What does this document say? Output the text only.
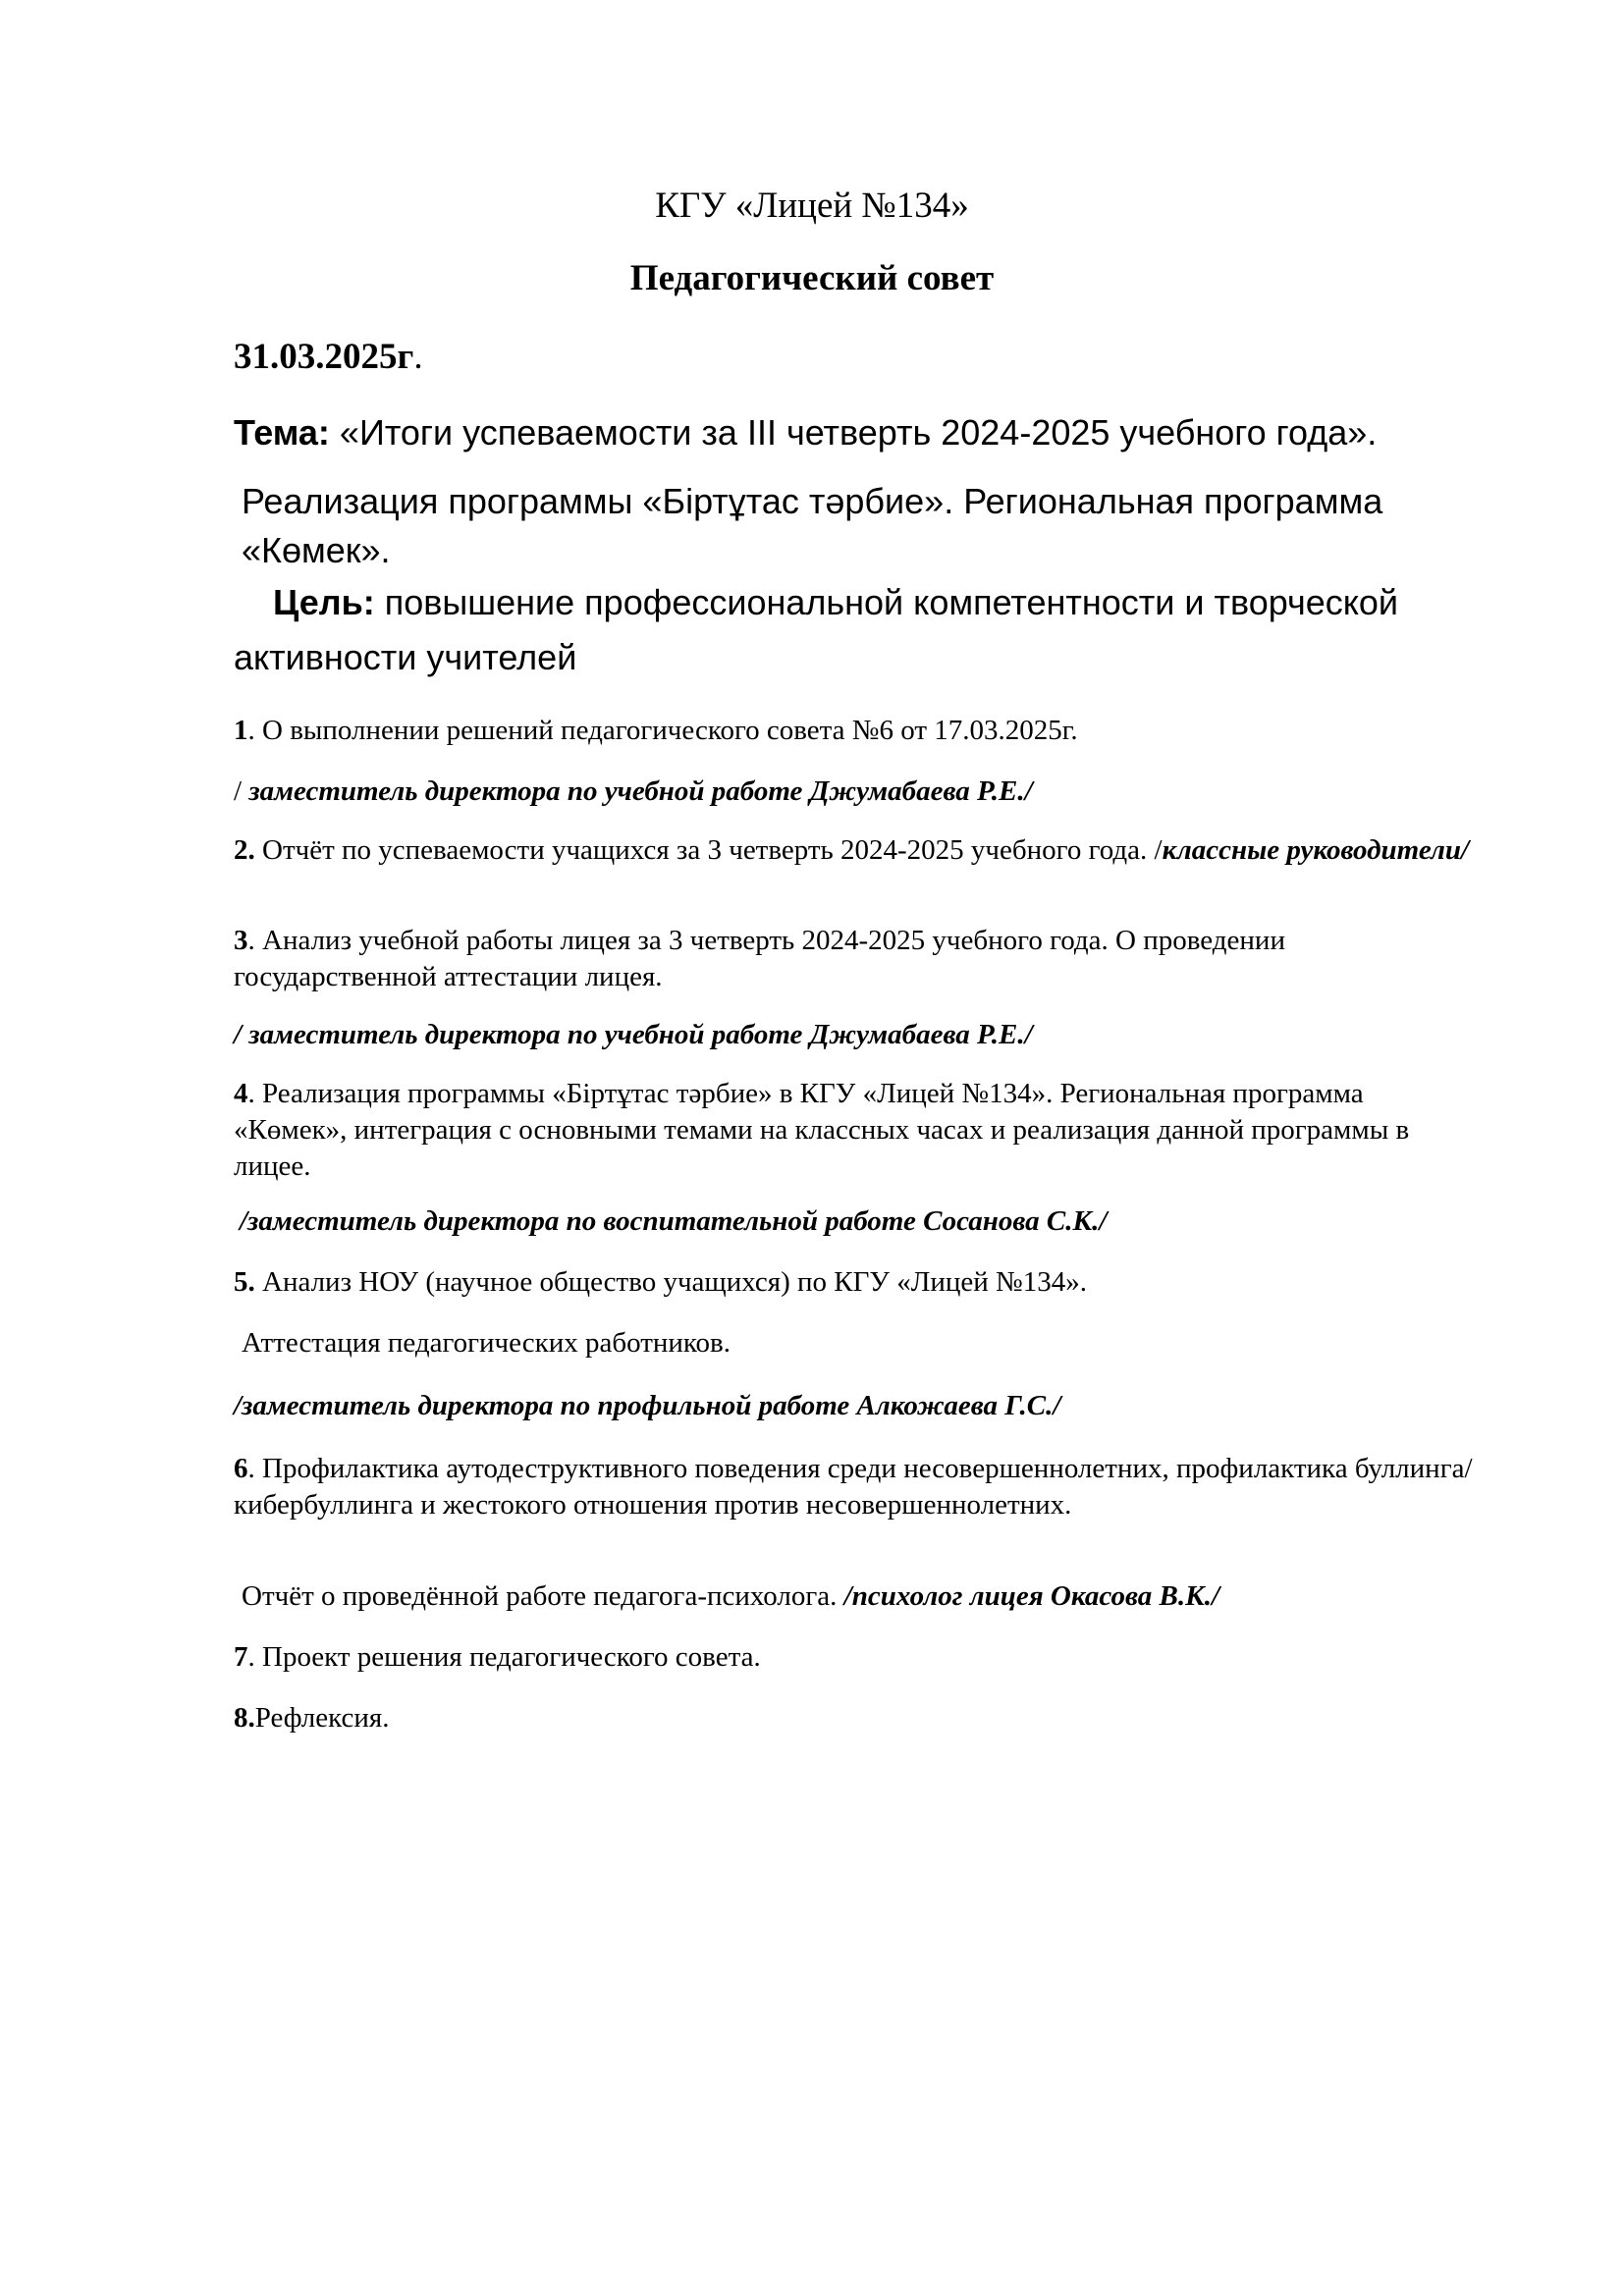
КГУ «Лицей №134»

Педагогический совет

31.03.2025г.

Тема: «Итоги успеваемости за III четверть 2024-2025 учебного года».

Реализация программы «Біртұтас тәрбие». Региональная программа «Көмек».

Цель: повышение профессиональной компетентности и творческой активности учителей

1. О выполнении решений педагогического совета №6 от 17.03.2025г.

/ заместитель директора по учебной работе Джумабаева Р.Е./

2. Отчёт по успеваемости учащихся за 3 четверть 2024-2025 учебного года. /классные руководители/

3. Анализ учебной работы лицея за 3 четверть 2024-2025 учебного года. О проведении государственной аттестации лицея.

/ заместитель директора по учебной работе Джумабаева Р.Е./

4. Реализация программы «Біртұтас тәрбие» в КГУ «Лицей №134». Региональная программа «Көмек», интеграция с основными темами на классных часах и реализация данной программы в лицее.

/заместитель директора по воспитательной работе Сосанова С.К./

5. Анализ НОУ (научное общество учащихся) по КГУ «Лицей №134».

Аттестация педагогических работников.

/заместитель директора по профильной работе Алкожаева Г.С./

6. Профилактика аутодеструктивного поведения среди несовершеннолетних, профилактика буллинга/кибербуллинга и жестокого отношения против несовершеннолетних.

Отчёт о проведённой работе педагога-психолога. /психолог лицея Окасова В.К./

7. Проект решения педагогического совета.

8.Рефлексия.
